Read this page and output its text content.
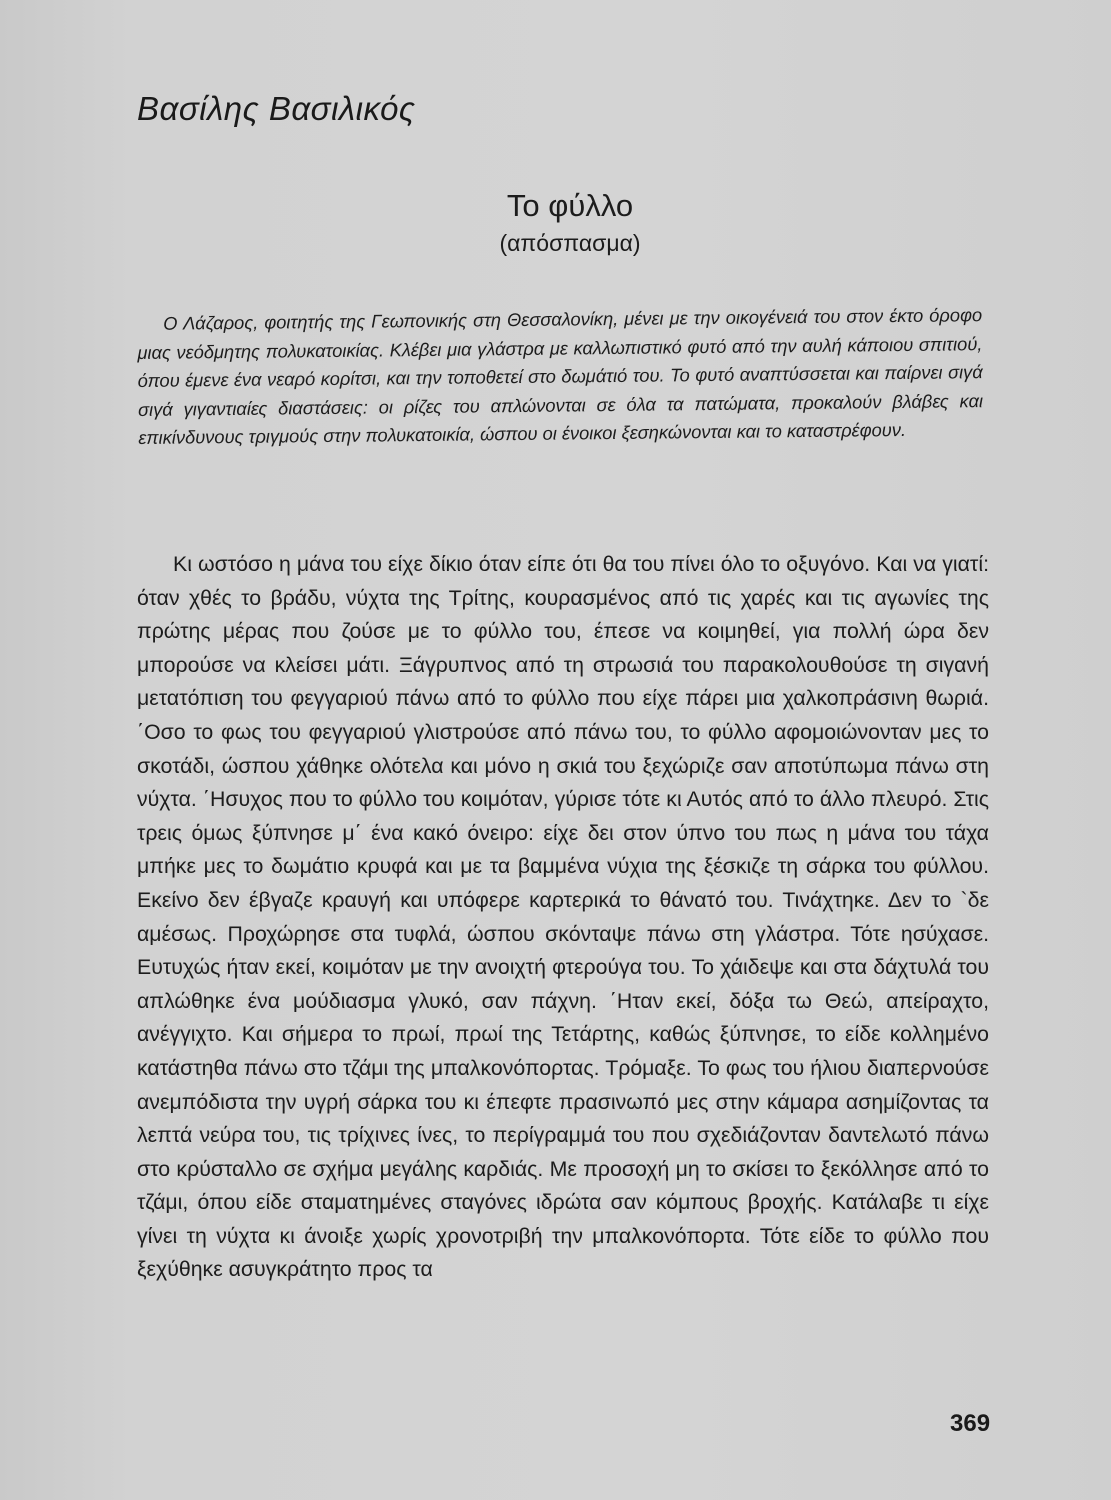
Βασίλης Βασιλικός
Το φύλλο
(απόσπασμα)

Ο Λάζαρος, φοιτητής της Γεωπονικής στη Θεσσαλονίκη, μένει με την οικογένειά του στον έκτο όροφο μιας νεόδμητης πολυκατοικίας. Κλέβει μια γλάστρα με καλλωπιστικό φυτό από την αυλή κάποιου σπιτιού, όπου έμενε ένα νεαρό κορίτσι, και την τοποθετεί στο δωμάτιό του. Το φυτό αναπτύσσεται και παίρνει σιγά σιγά γιγαντιαίες διαστάσεις: οι ρίζες του απλώνονται σε όλα τα πατώματα, προκαλούν βλάβες και επικίνδυνους τριγμούς στην πολυκατοικία, ώσπου οι ένοικοι ξεσηκώνονται και το καταστρέφουν.

Κι ωστόσο η μάνα του είχε δίκιο όταν είπε ότι θα του πίνει όλο το οξυγόνο. Και να γιατί: όταν χθές το βράδυ, νύχτα της Τρίτης, κουρασμένος από τις χαρές και τις αγωνίες της πρώτης μέρας που ζούσε με το φύλλο του, έπεσε να κοιμηθεί, για πολλή ώρα δεν μπορούσε να κλείσει μάτι. Ξάγρυπνος από τη στρωσιά του παρακολουθούσε τη σιγανή μετατόπιση του φεγγαριού πάνω από το φύλλο που είχε πάρει μια χαλκοπράσινη θωριά. ΄Οσο το φως του φεγγαριού γλιστρούσε από πάνω του, το φύλλο αφομοιώνονταν μες το σκοτάδι, ώσπου χάθηκε ολότελα και μόνο η σκιά του ξεχώριζε σαν αποτύπωμα πάνω στη νύχτα. ΄Ησυχος που το φύλλο του κοιμόταν, γύρισε τότε κι Αυτός από το άλλο πλευρό. Στις τρεις όμως ξύπνησε μ΄ ένα κακό όνειρο: είχε δει στον ύπνο του πως η μάνα του τάχα μπήκε μες το δωμάτιο κρυφά και με τα βαμμένα νύχια της ξέσκιζε τη σάρκα του φύλλου. Εκείνο δεν έβγαζε κραυγή και υπόφερε καρτερικά το θάνατό του. Τινάχτηκε. Δεν το `δε αμέσως. Προχώρησε στα τυφλά, ώσπου σκόνταψε πάνω στη γλάστρα. Τότε ησύχασε. Ευτυχώς ήταν εκεί, κοιμόταν με την ανοιχτή φτερούγα του. Το χάιδεψε και στα δάχτυλά του απλώθηκε ένα μούδιασμα γλυκό, σαν πάχνη. ΄Ηταν εκεί, δόξα τω Θεώ, απείραχτο, ανέγγιχτο. Και σήμερα το πρωί, πρωί της Τετάρτης, καθώς ξύπνησε, το είδε κολλημένο κατάστηθα πάνω στο τζάμι της μπαλκονόπορτας. Τρόμαξε. Το φως του ήλιου διαπερνούσε ανεμπόδιστα την υγρή σάρκα του κι έπεφτε πρασινωπό μες στην κάμαρα ασημίζοντας τα λεπτά νεύρα του, τις τρίχινες ίνες, το περίγραμμά του που σχεδιάζονταν δαντελωτό πάνω στο κρύσταλλο σε σχήμα μεγάλης καρδιάς. Με προσοχή μη το σκίσει το ξεκόλλησε από το τζάμι, όπου είδε σταματημένες σταγόνες ιδρώτα σαν κόμπους βροχής. Κατάλαβε τι είχε γίνει τη νύχτα κι άνοιξε χωρίς χρονοτριβή την μπαλκονόπορτα. Τότε είδε το φύλλο που ξεχύθηκε ασυγκράτητο προς τα

369
